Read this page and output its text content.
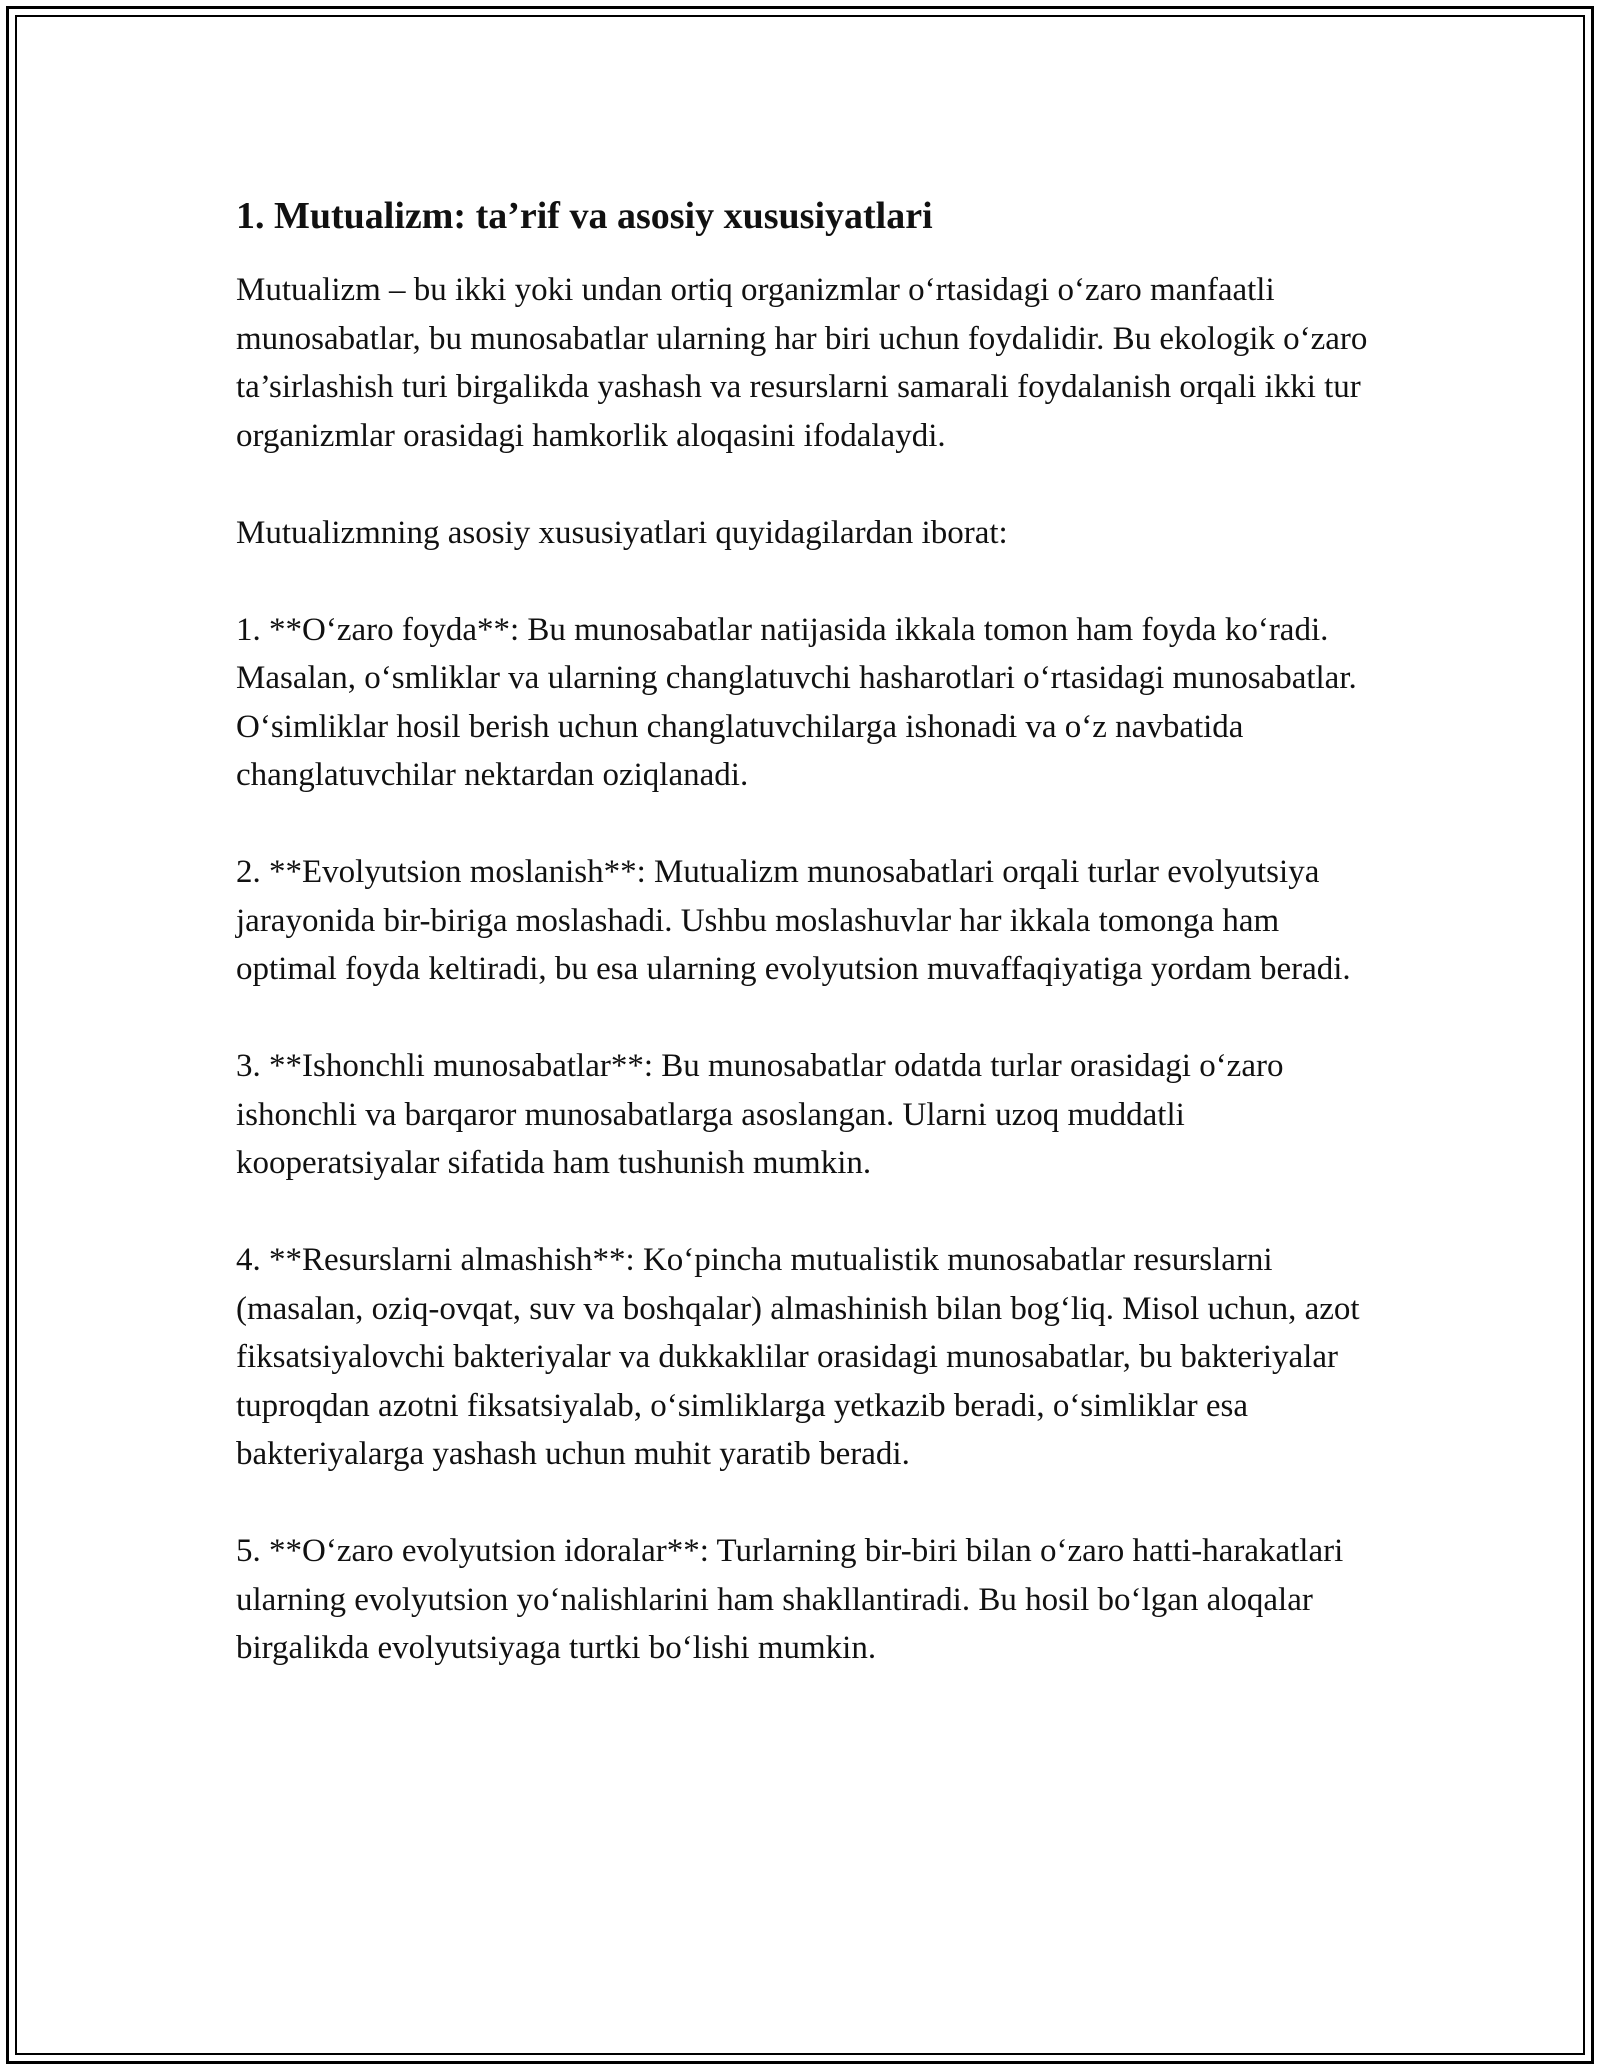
1. Mutualizm: ta’rif va asosiy xususiyatlari

Mutualizm – bu ikki yoki undan ortiq organizmlar o‘rtasidagi o‘zaro manfaatli munosabatlar, bu munosabatlar ularning har biri uchun foydalidir. Bu ekologik o‘zaro ta’sirlashish turi birgalikda yashash va resurslarni samarali foydalanish orqali ikki tur organizmlar orasidagi hamkorlik aloqasini ifodalaydi.

Mutualizmning asosiy xususiyatlari quyidagilardan iborat:

1. **O‘zaro foyda**: Bu munosabatlar natijasida ikkala tomon ham foyda ko‘radi. Masalan, o‘smliklar va ularning changlatuvchi hasharotlari o‘rtasidagi munosabatlar. O‘simliklar hosil berish uchun changlatuvchilarga ishonadi va o‘z navbatida changlatuvchilar nektardan oziqlanadi.

2. **Evolyutsion moslanish**: Mutualizm munosabatlari orqali turlar evolyutsiya jarayonida bir-biriga moslashadi. Ushbu moslashuvlar har ikkala tomonga ham optimal foyda keltiradi, bu esa ularning evolyutsion muvaffaqiyatiga yordam beradi.

3. **Ishonchli munosabatlar**: Bu munosabatlar odatda turlar orasidagi o‘zaro ishonchli va barqaror munosabatlarga asoslangan. Ularni uzoq muddatli kooperatsiyalar sifatida ham tushunish mumkin.

4. **Resurslarni almashish**: Ko‘pincha mutualistik munosabatlar resurslarni (masalan, oziq-ovqat, suv va boshqalar) almashinish bilan bog‘liq. Misol uchun, azot fiksatsiyalovchi bakteriyalar va dukkaklilar orasidagi munosabatlar, bu bakteriyalar tuproqdan azotni fiksatsiyalab, o‘simliklarga yetkazib beradi, o‘simliklar esa bakteriyalarga yashash uchun muhit yaratib beradi.

5. **O‘zaro evolyutsion idoralar**: Turlarning bir-biri bilan o‘zaro hatti-harakatlari ularning evolyutsion yo‘nalishlarini ham shakllantiradi. Bu hosil bo‘lgan aloqalar birgalikda evolyutsiyaga turtki bo‘lishi mumkin.
